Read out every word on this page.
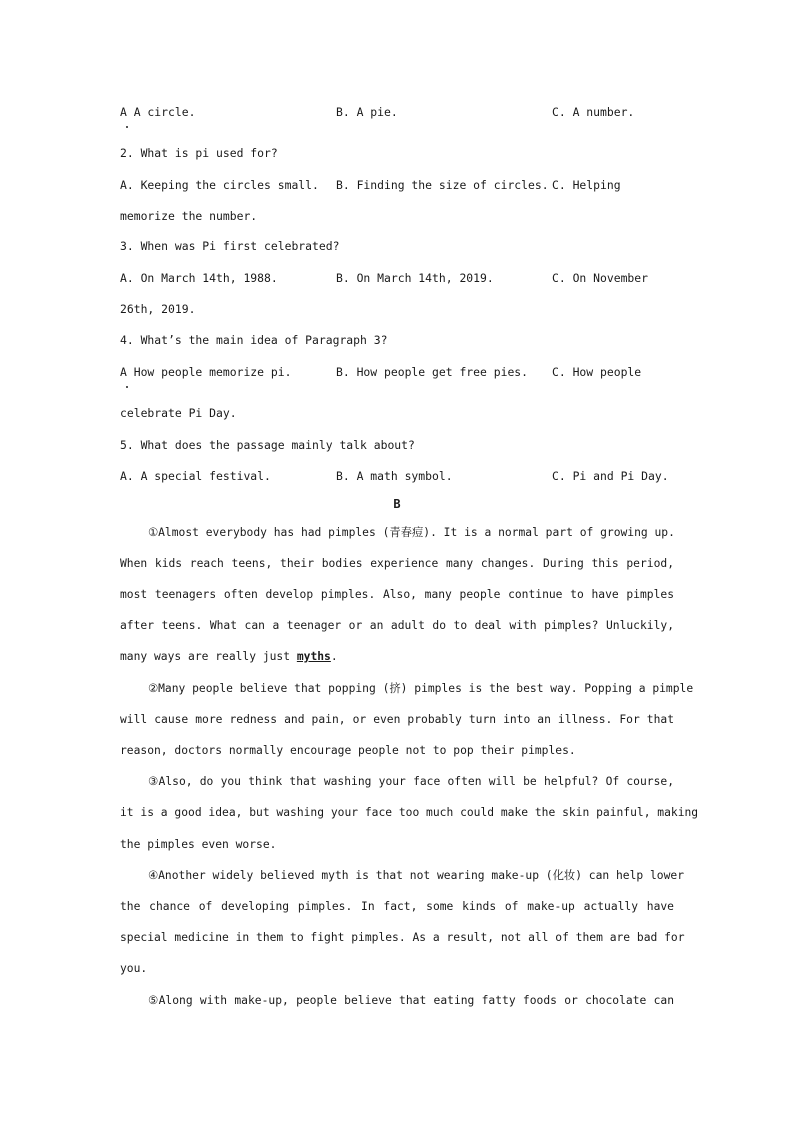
A A circle.

	B. A pie.

	C. A number.

2. What is pi used for?

A. Keeping the circles small.

B. Finding the size of circles.

C. Helping

memorize the number.
3. When was Pi first celebrated?

A. On March 14th, 1988.

	B. On March 14th, 2019.

	C. On November

26th, 2019.
4. What’s the main idea of Paragraph 3?

A How people memorize pi.

	B. How people get free pies.

C. How people

celebrate Pi Day.
5. What does the passage mainly talk about?

A. A special festival.

	B. A math symbol.

	C. Pi and Pi Day.

B
①Almost everybody has had pimples (青春痘). It is a normal part of growing up.
When kids reach teens, their bodies experience many changes. During this period,
most teenagers often develop pimples. Also, many people continue to have pimples
after teens. What can a teenager or an adult do to deal with pimples? Unluckily,
many ways are really just myths.
②Many people believe that popping (挤) pimples is the best way. Popping a pimple
will cause more redness and pain, or even probably turn into an illness. For that
reason, doctors normally encourage people not to pop their pimples.
③Also, do you think that washing your face often will be helpful? Of course,
it is a good idea, but washing your face too much could make the skin painful, making
the pimples even worse.
④Another widely believed myth is that not wearing make-up (化妆) can help lower
the chance of developing pimples. In fact, some kinds of make-up actually have
special medicine in them to fight pimples. As a result, not all of them are bad for
you.
⑤Along with make-up, people believe that eating fatty foods or chocolate can
